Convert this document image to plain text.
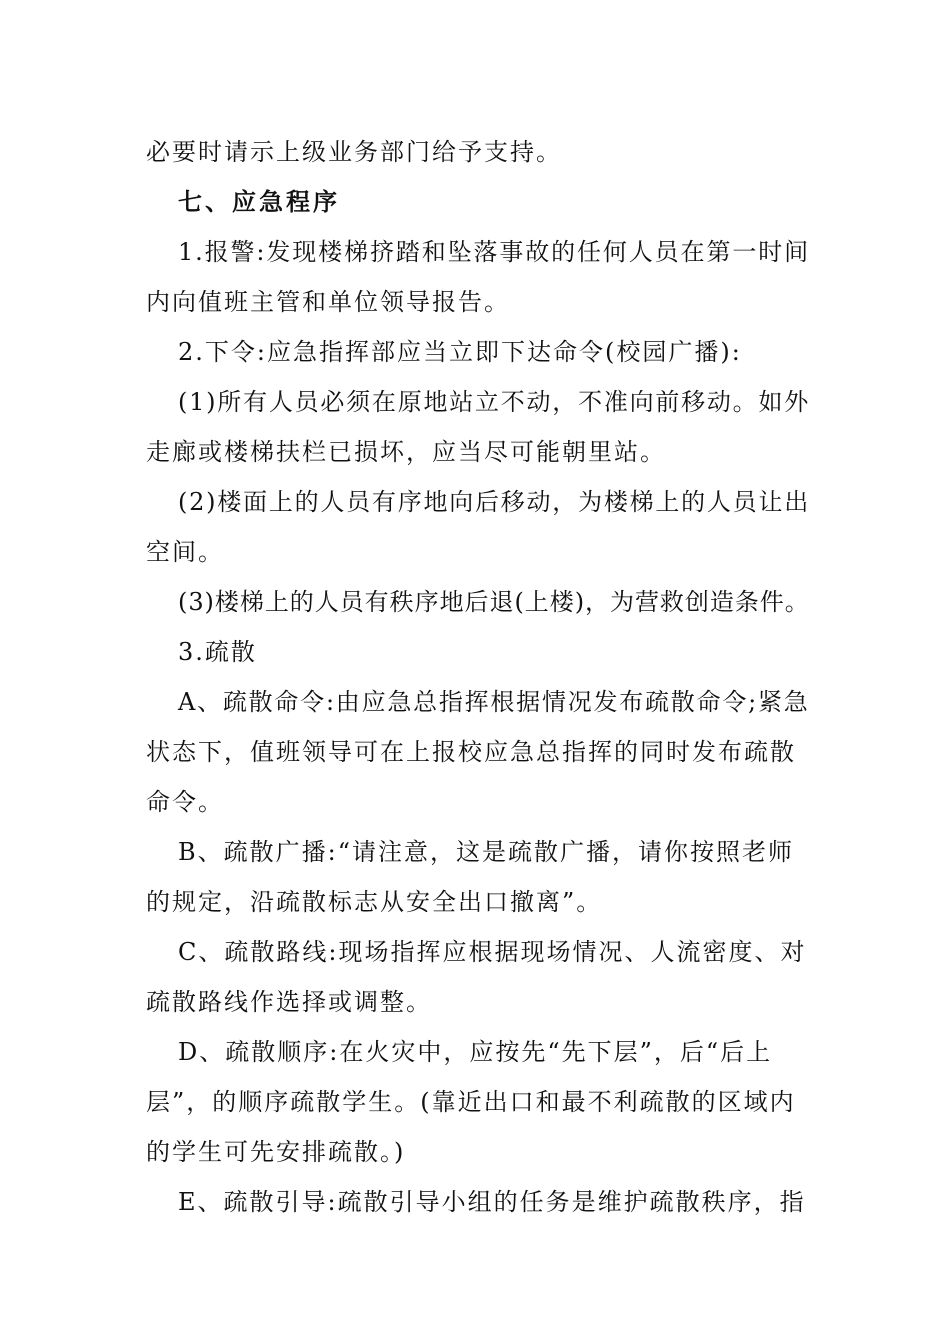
必要时请示上级业务部门给予支持。

七、应急程序

1.报警:发现楼梯挤踏和坠落事故的任何人员在第一时间

内向值班主管和单位领导报告。

2.下令:应急指挥部应当立即下达命令(校园广播):

(1)所有人员必须在原地站立不动，不准向前移动。如外

走廊或楼梯扶栏已损坏，应当尽可能朝里站。

(2)楼面上的人员有序地向后移动，为楼梯上的人员让出

空间。

(3)楼梯上的人员有秩序地后退(上楼)，为营救创造条件。

3.疏散

A、疏散命令:由应急总指挥根据情况发布疏散命令;紧急

状态下，值班领导可在上报校应急总指挥的同时发布疏散

命令。

B、疏散广播:“请注意，这是疏散广播，请你按照老师

的规定，沿疏散标志从安全出口撤离”。

C、疏散路线:现场指挥应根据现场情况、人流密度、对

疏散路线作选择或调整。

D、疏散顺序:在火灾中，应按先“先下层”，后“后上

层”，的顺序疏散学生。(靠近出口和最不利疏散的区域内

的学生可先安排疏散。)

E、疏散引导:疏散引导小组的任务是维护疏散秩序，指
